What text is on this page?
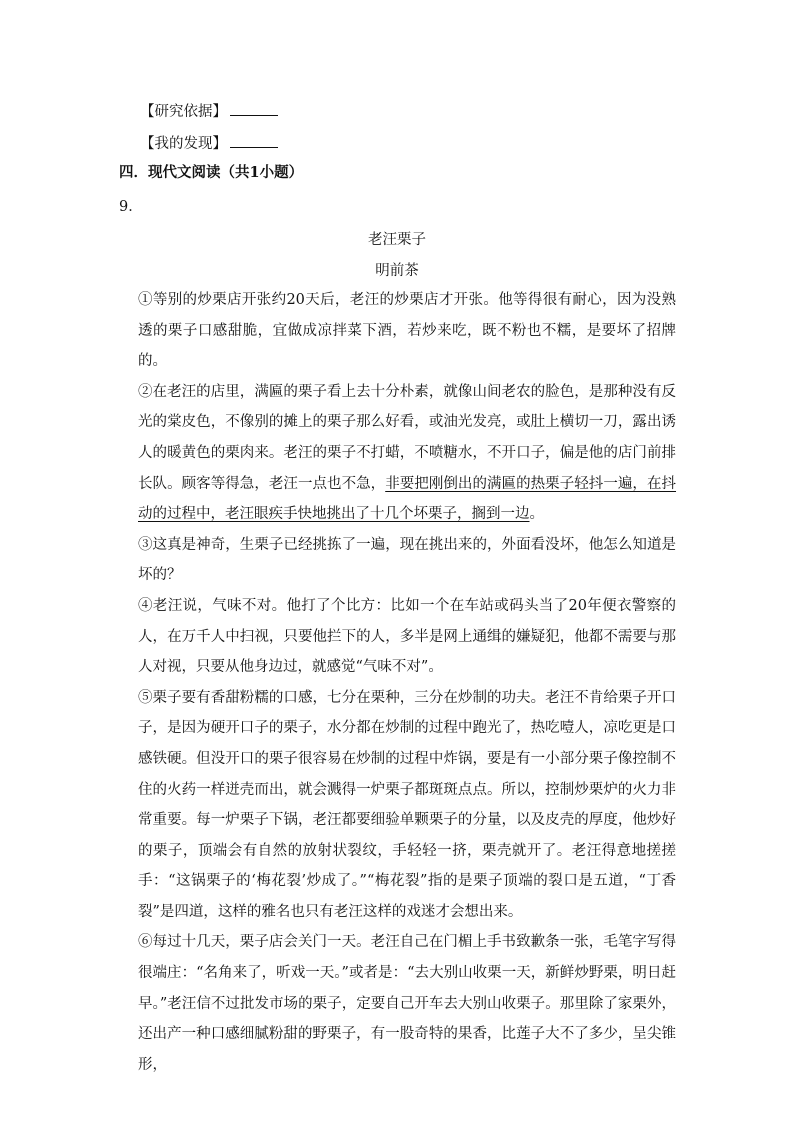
【研究依据】
【我的发现】
四．现代文阅读（共1小题）
9．
老汪栗子
明前茶

①等别的炒栗店开张约20天后，老汪的炒栗店才开张。他等得很有耐心，因为没熟透的栗子口感甜脆，宜做成凉拌菜下酒，若炒来吃，既不粉也不糯，是要坏了招牌的。

②在老汪的店里，满匾的栗子看上去十分朴素，就像山间老农的脸色，是那种没有反光的棠皮色，不像别的摊上的栗子那么好看，或油光发亮，或肚上横切一刀，露出诱人的暖黄色的栗肉来。老汪的栗子不打蜡，不喷糖水，不开口子，偏是他的店门前排长队。顾客等得急，老汪一点也不急，非要把刚倒出的满匾的热栗子轻抖一遍，在抖动的过程中，老汪眼疾手快地挑出了十几个坏栗子，搁到一边。

③这真是神奇，生栗子已经挑拣了一遍，现在挑出来的，外面看没坏，他怎么知道是坏的？

④老汪说，气味不对。他打了个比方：比如一个在车站或码头当了20年便衣警察的人，在万千人中扫视，只要他拦下的人，多半是网上通缉的嫌疑犯，他都不需要与那人对视，只要从他身边过，就感觉“气味不对”。

⑤栗子要有香甜粉糯的口感，七分在栗种，三分在炒制的功夫。老汪不肯给栗子开口子，是因为硬开口子的栗子，水分都在炒制的过程中跑光了，热吃噎人，凉吃更是口感铁硬。但没开口的栗子很容易在炒制的过程中炸锅，要是有一小部分栗子像控制不住的火药一样迸壳而出，就会溅得一炉栗子都斑斑点点。所以，控制炒栗炉的火力非常重要。每一炉栗子下锅，老汪都要细验单颗栗子的分量，以及皮壳的厚度，他炒好的栗子，顶端会有自然的放射状裂纹，手轻轻一挤，栗壳就开了。老汪得意地搓搓手：“这锅栗子的‘梅花裂’炒成了。”“梅花裂”指的是栗子顶端的裂口是五道，“丁香裂”是四道，这样的雅名也只有老汪这样的戏迷才会想出来。

⑥每过十几天，栗子店会关门一天。老汪自己在门楣上手书致歉条一张，毛笔字写得很端庄：“名角来了，听戏一天。”或者是：“去大别山收栗一天，新鲜炒野栗，明日赶早。”老汪信不过批发市场的栗子，定要自己开车去大别山收栗子。那里除了家栗外，还出产一种口感细腻粉甜的野栗子，有一股奇特的果香，比莲子大不了多少，呈尖锥形，
